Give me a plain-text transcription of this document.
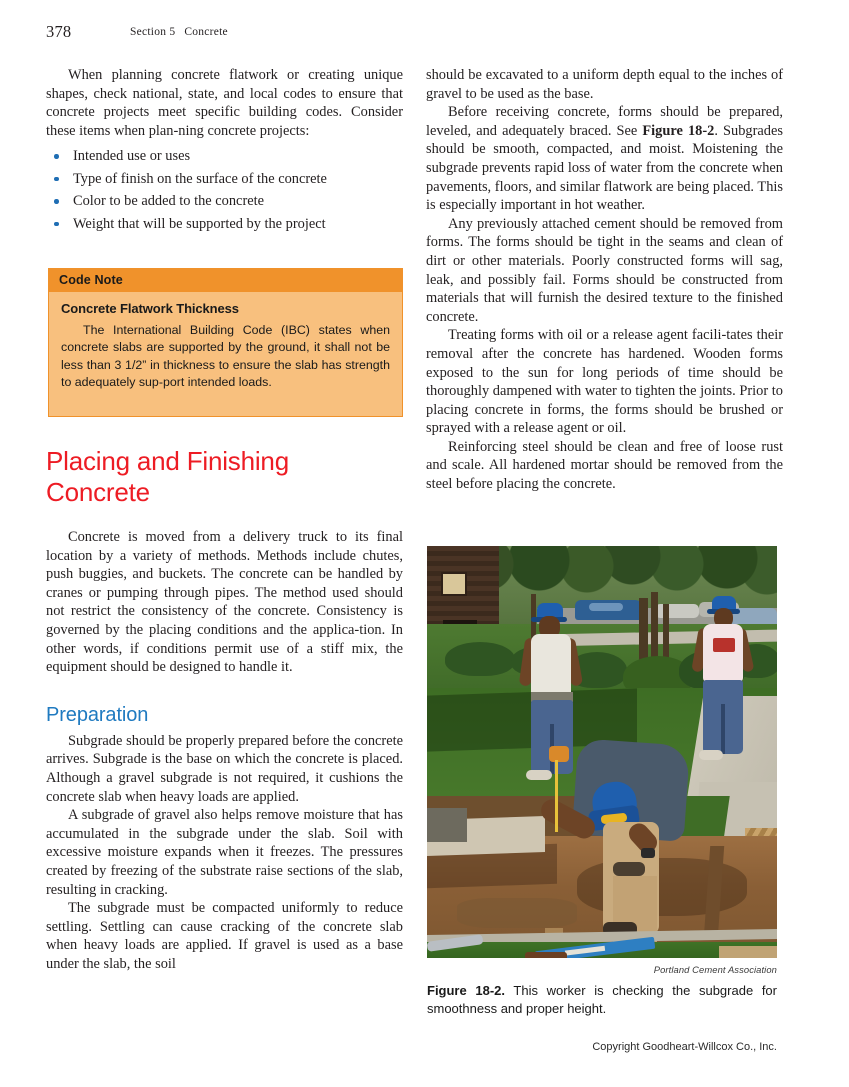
378	Section 5 Concrete

When planning concrete flatwork or creating unique shapes, check national, state, and local codes to ensure that concrete projects meet specific building codes. Consider these items when plan-ning concrete projects:

Intended use or uses
Type of finish on the surface of the concrete
Color to be added to the concrete
Weight that will be supported by the project
Code Note

Concrete Flatwork Thickness

The International Building Code (IBC) states when concrete slabs are supported by the ground, it shall not be less than 3 1/2” in thickness to ensure the slab has strength to adequately sup-port intended loads.

Placing and Finishing Concrete

Concrete is moved from a delivery truck to its final location by a variety of methods. Methods include chutes, push buggies, and buckets. The concrete can be handled by cranes or pumping through pipes. The method used should not restrict the consistency of the concrete. Consistency is governed by the placing conditions and the applica-tion. In other words, if conditions permit use of a stiff mix, the equipment should be designed to handle it.

Preparation

Subgrade should be properly prepared before the concrete arrives. Subgrade is the base on which the concrete is placed. Although a gravel subgrade is not required, it cushions the concrete slab when heavy loads are applied.

A subgrade of gravel also helps remove moisture that has accumulated in the subgrade under the slab. Soil with excessive moisture expands when it freezes. The pressures created by freezing of the substrate raise sections of the slab, resulting in cracking.

The subgrade must be compacted uniformly to reduce settling. Settling can cause cracking of the concrete slab when heavy loads are applied. If gravel is used as a base under the slab, the soil

should be excavated to a uniform depth equal to the inches of gravel to be used as the base.

Before receiving concrete, forms should be prepared, leveled, and adequately braced. See Figure 18-2. Subgrades should be smooth, compacted, and moist. Moistening the subgrade prevents rapid loss of water from the concrete when pavements, floors, and similar flatwork are being placed. This is especially important in hot weather.

Any previously attached cement should be removed from forms. The forms should be tight in the seams and clean of dirt or other materials. Poorly constructed forms will sag, leak, and possibly fail. Forms should be constructed from materials that will furnish the desired texture to the finished concrete.

Treating forms with oil or a release agent facili-tates their removal after the concrete has hardened. Wooden forms exposed to the sun for long periods of time should be thoroughly dampened with water to tighten the joints. Prior to placing concrete in forms, the forms should be brushed or sprayed with a release agent or oil.

Reinforcing steel should be clean and free of loose rust and scale. All hardened mortar should be removed from the steel before placing the concrete.

Portland Cement Association

Figure 18-2. This worker is checking the subgrade for smoothness and proper height.

Copyright Goodheart-Willcox Co., Inc.
